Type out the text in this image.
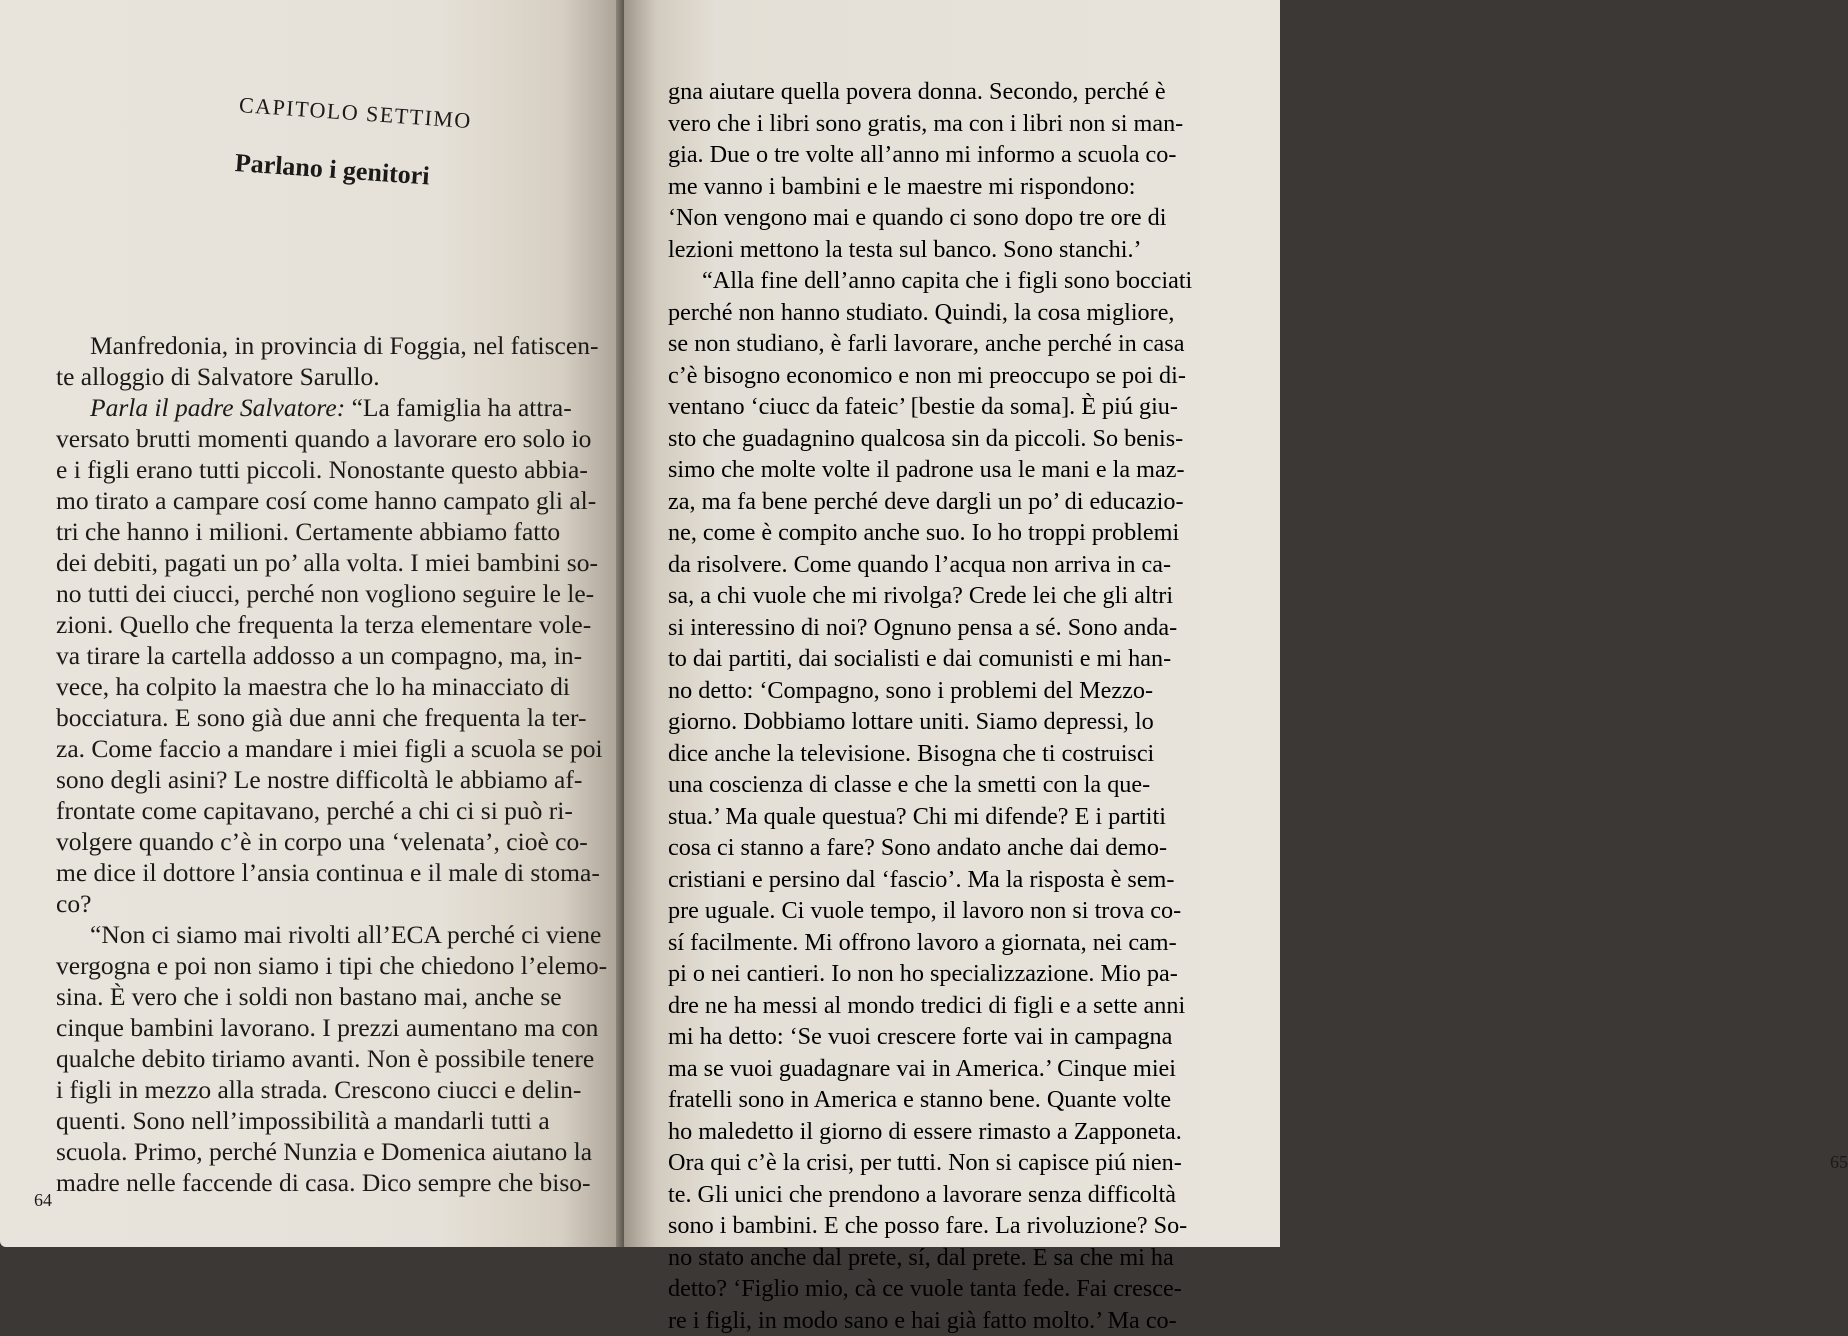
CAPITOLO SETTIMO
Parlano i genitori
Manfredonia, in provincia di Foggia, nel fatiscen-
te alloggio di Salvatore Sarullo.
Parla il padre Salvatore: “La famiglia ha attra-
versato brutti momenti quando a lavorare ero solo io
e i figli erano tutti piccoli. Nonostante questo abbia-
mo tirato a campare cosí come hanno campato gli al-
tri che hanno i milioni. Certamente abbiamo fatto
dei debiti, pagati un po’ alla volta. I miei bambini so-
no tutti dei ciucci, perché non vogliono seguire le le-
zioni. Quello che frequenta la terza elementare vole-
va tirare la cartella addosso a un compagno, ma, in-
vece, ha colpito la maestra che lo ha minacciato di
bocciatura. E sono già due anni che frequenta la ter-
za. Come faccio a mandare i miei figli a scuola se poi
sono degli asini? Le nostre difficoltà le abbiamo af-
frontate come capitavano, perché a chi ci si può ri-
volgere quando c’è in corpo una ‘velenata’, cioè co-
me dice il dottore l’ansia continua e il male di stoma-
co?
“Non ci siamo mai rivolti all’ECA perché ci viene
vergogna e poi non siamo i tipi che chiedono l’elemo-
sina. È vero che i soldi non bastano mai, anche se
cinque bambini lavorano. I prezzi aumentano ma con
qualche debito tiriamo avanti. Non è possibile tenere
i figli in mezzo alla strada. Crescono ciucci e delin-
quenti. Sono nell’impossibilità a mandarli tutti a
scuola. Primo, perché Nunzia e Domenica aiutano la
madre nelle faccende di casa. Dico sempre che biso-
64
65
gna aiutare quella povera donna. Secondo, perché è
vero che i libri sono gratis, ma con i libri non si man-
gia. Due o tre volte all’anno mi informo a scuola co-
me vanno i bambini e le maestre mi rispondono:
‘Non vengono mai e quando ci sono dopo tre ore di
lezioni mettono la testa sul banco. Sono stanchi.’
“Alla fine dell’anno capita che i figli sono bocciati
perché non hanno studiato. Quindi, la cosa migliore,
se non studiano, è farli lavorare, anche perché in casa
c’è bisogno economico e non mi preoccupo se poi di-
ventano ‘ciucc da fateic’ [bestie da soma]. È piú giu-
sto che guadagnino qualcosa sin da piccoli. So benis-
simo che molte volte il padrone usa le mani e la maz-
za, ma fa bene perché deve dargli un po’ di educazio-
ne, come è compito anche suo. Io ho troppi problemi
da risolvere. Come quando l’acqua non arriva in ca-
sa, a chi vuole che mi rivolga? Crede lei che gli altri
si interessino di noi? Ognuno pensa a sé. Sono anda-
to dai partiti, dai socialisti e dai comunisti e mi han-
no detto: ‘Compagno, sono i problemi del Mezzo-
giorno. Dobbiamo lottare uniti. Siamo depressi, lo
dice anche la televisione. Bisogna che ti costruisci
una coscienza di classe e che la smetti con la que-
stua.’ Ma quale questua? Chi mi difende? E i partiti
cosa ci stanno a fare? Sono andato anche dai demo-
cristiani e persino dal ‘fascio’. Ma la risposta è sem-
pre uguale. Ci vuole tempo, il lavoro non si trova co-
sí facilmente. Mi offrono lavoro a giornata, nei cam-
pi o nei cantieri. Io non ho specializzazione. Mio pa-
dre ne ha messi al mondo tredici di figli e a sette anni
mi ha detto: ‘Se vuoi crescere forte vai in campagna
ma se vuoi guadagnare vai in America.’ Cinque miei
fratelli sono in America e stanno bene. Quante volte
ho maledetto il giorno di essere rimasto a Zapponeta.
Ora qui c’è la crisi, per tutti. Non si capisce piú nien-
te. Gli unici che prendono a lavorare senza difficoltà
sono i bambini. E che posso fare. La rivoluzione? So-
no stato anche dal prete, sí, dal prete. E sa che mi ha
detto? ‘Figlio mio, cà ce vuole tanta fede. Fai cresce-
re i figli, in modo sano e hai già fatto molto.’ Ma co-
